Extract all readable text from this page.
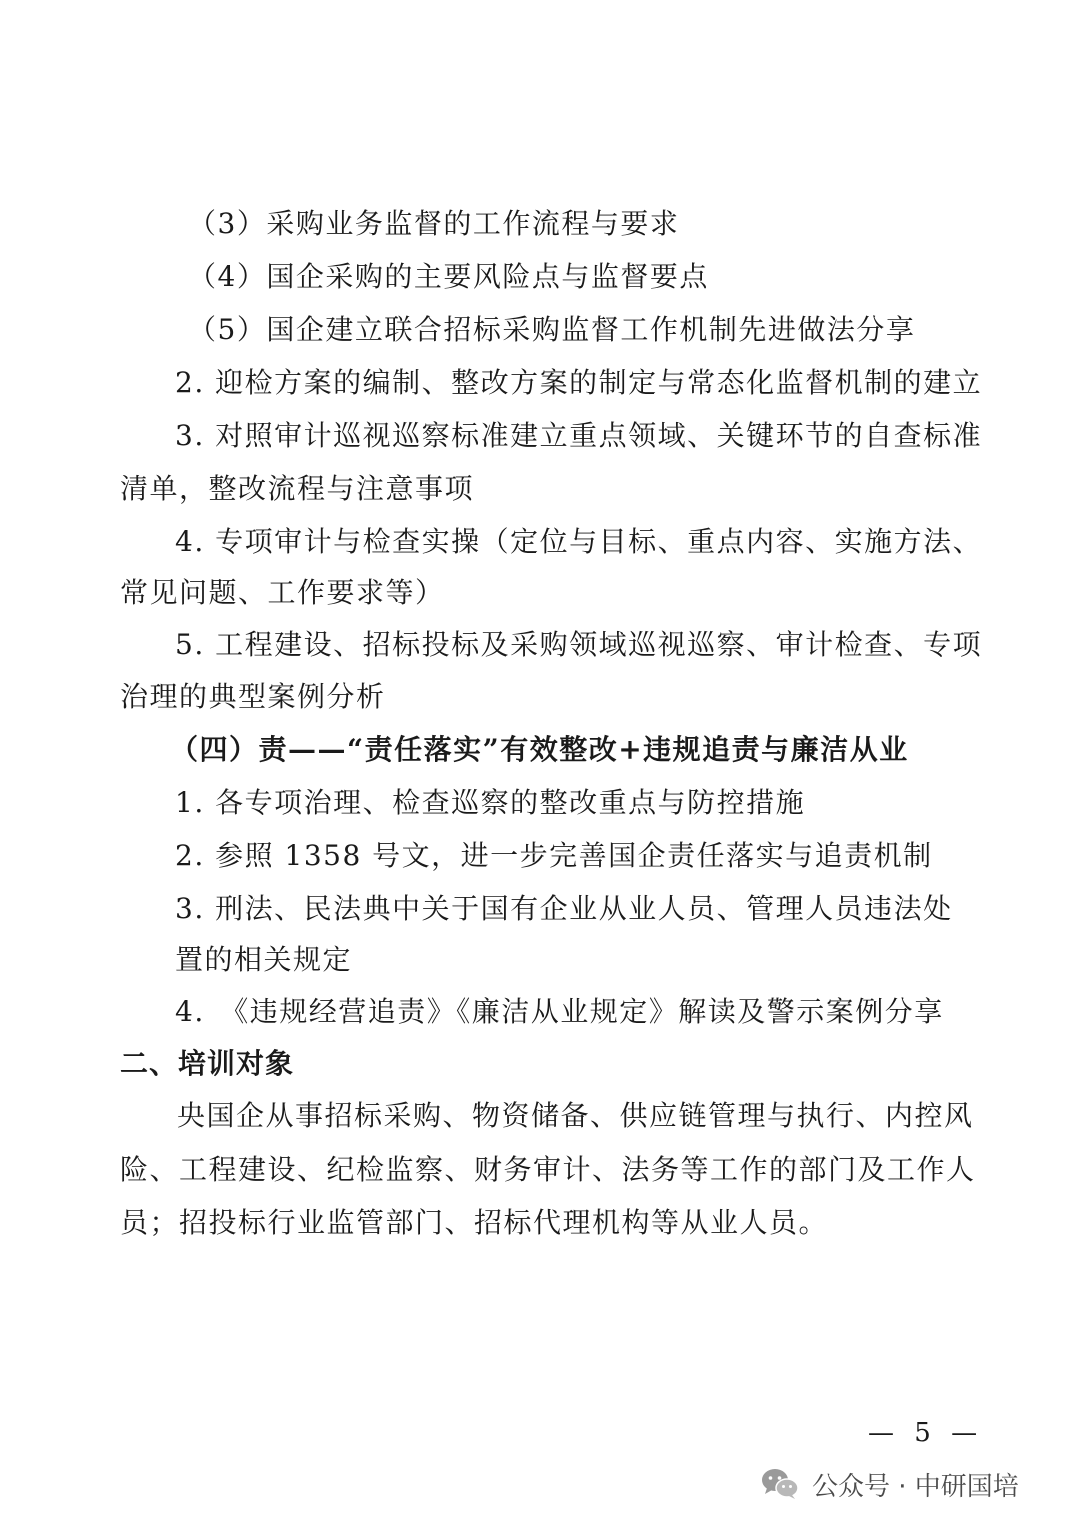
（3）采购业务监督的工作流程与要求
（4）国企采购的主要风险点与监督要点
（5）国企建立联合招标采购监督工作机制先进做法分享
2. 迎检方案的编制、整改方案的制定与常态化监督机制的建立
3. 对照审计巡视巡察标准建立重点领域、关键环节的自查标准
清单，整改流程与注意事项
4. 专项审计与检查实操（定位与目标、重点内容、实施方法、
常见问题、工作要求等）
5. 工程建设、招标投标及采购领域巡视巡察、审计检查、专项
治理的典型案例分析
（四）责——“责任落实”有效整改+违规追责与廉洁从业
1. 各专项治理、检查巡察的整改重点与防控措施
2. 参照 1358 号文，进一步完善国企责任落实与追责机制
3. 刑法、民法典中关于国有企业从业人员、管理人员违法处
置的相关规定
4.　《违规经营追责》《廉洁从业规定》解读及警示案例分享
二、培训对象
央国企从事招标采购、物资储备、供应链管理与执行、内控风
险、工程建设、纪检监察、财务审计、法务等工作的部门及工作人
员；招投标行业监管部门、招标代理机构等从业人员。
— 5 —
公众号 · 中研国培
